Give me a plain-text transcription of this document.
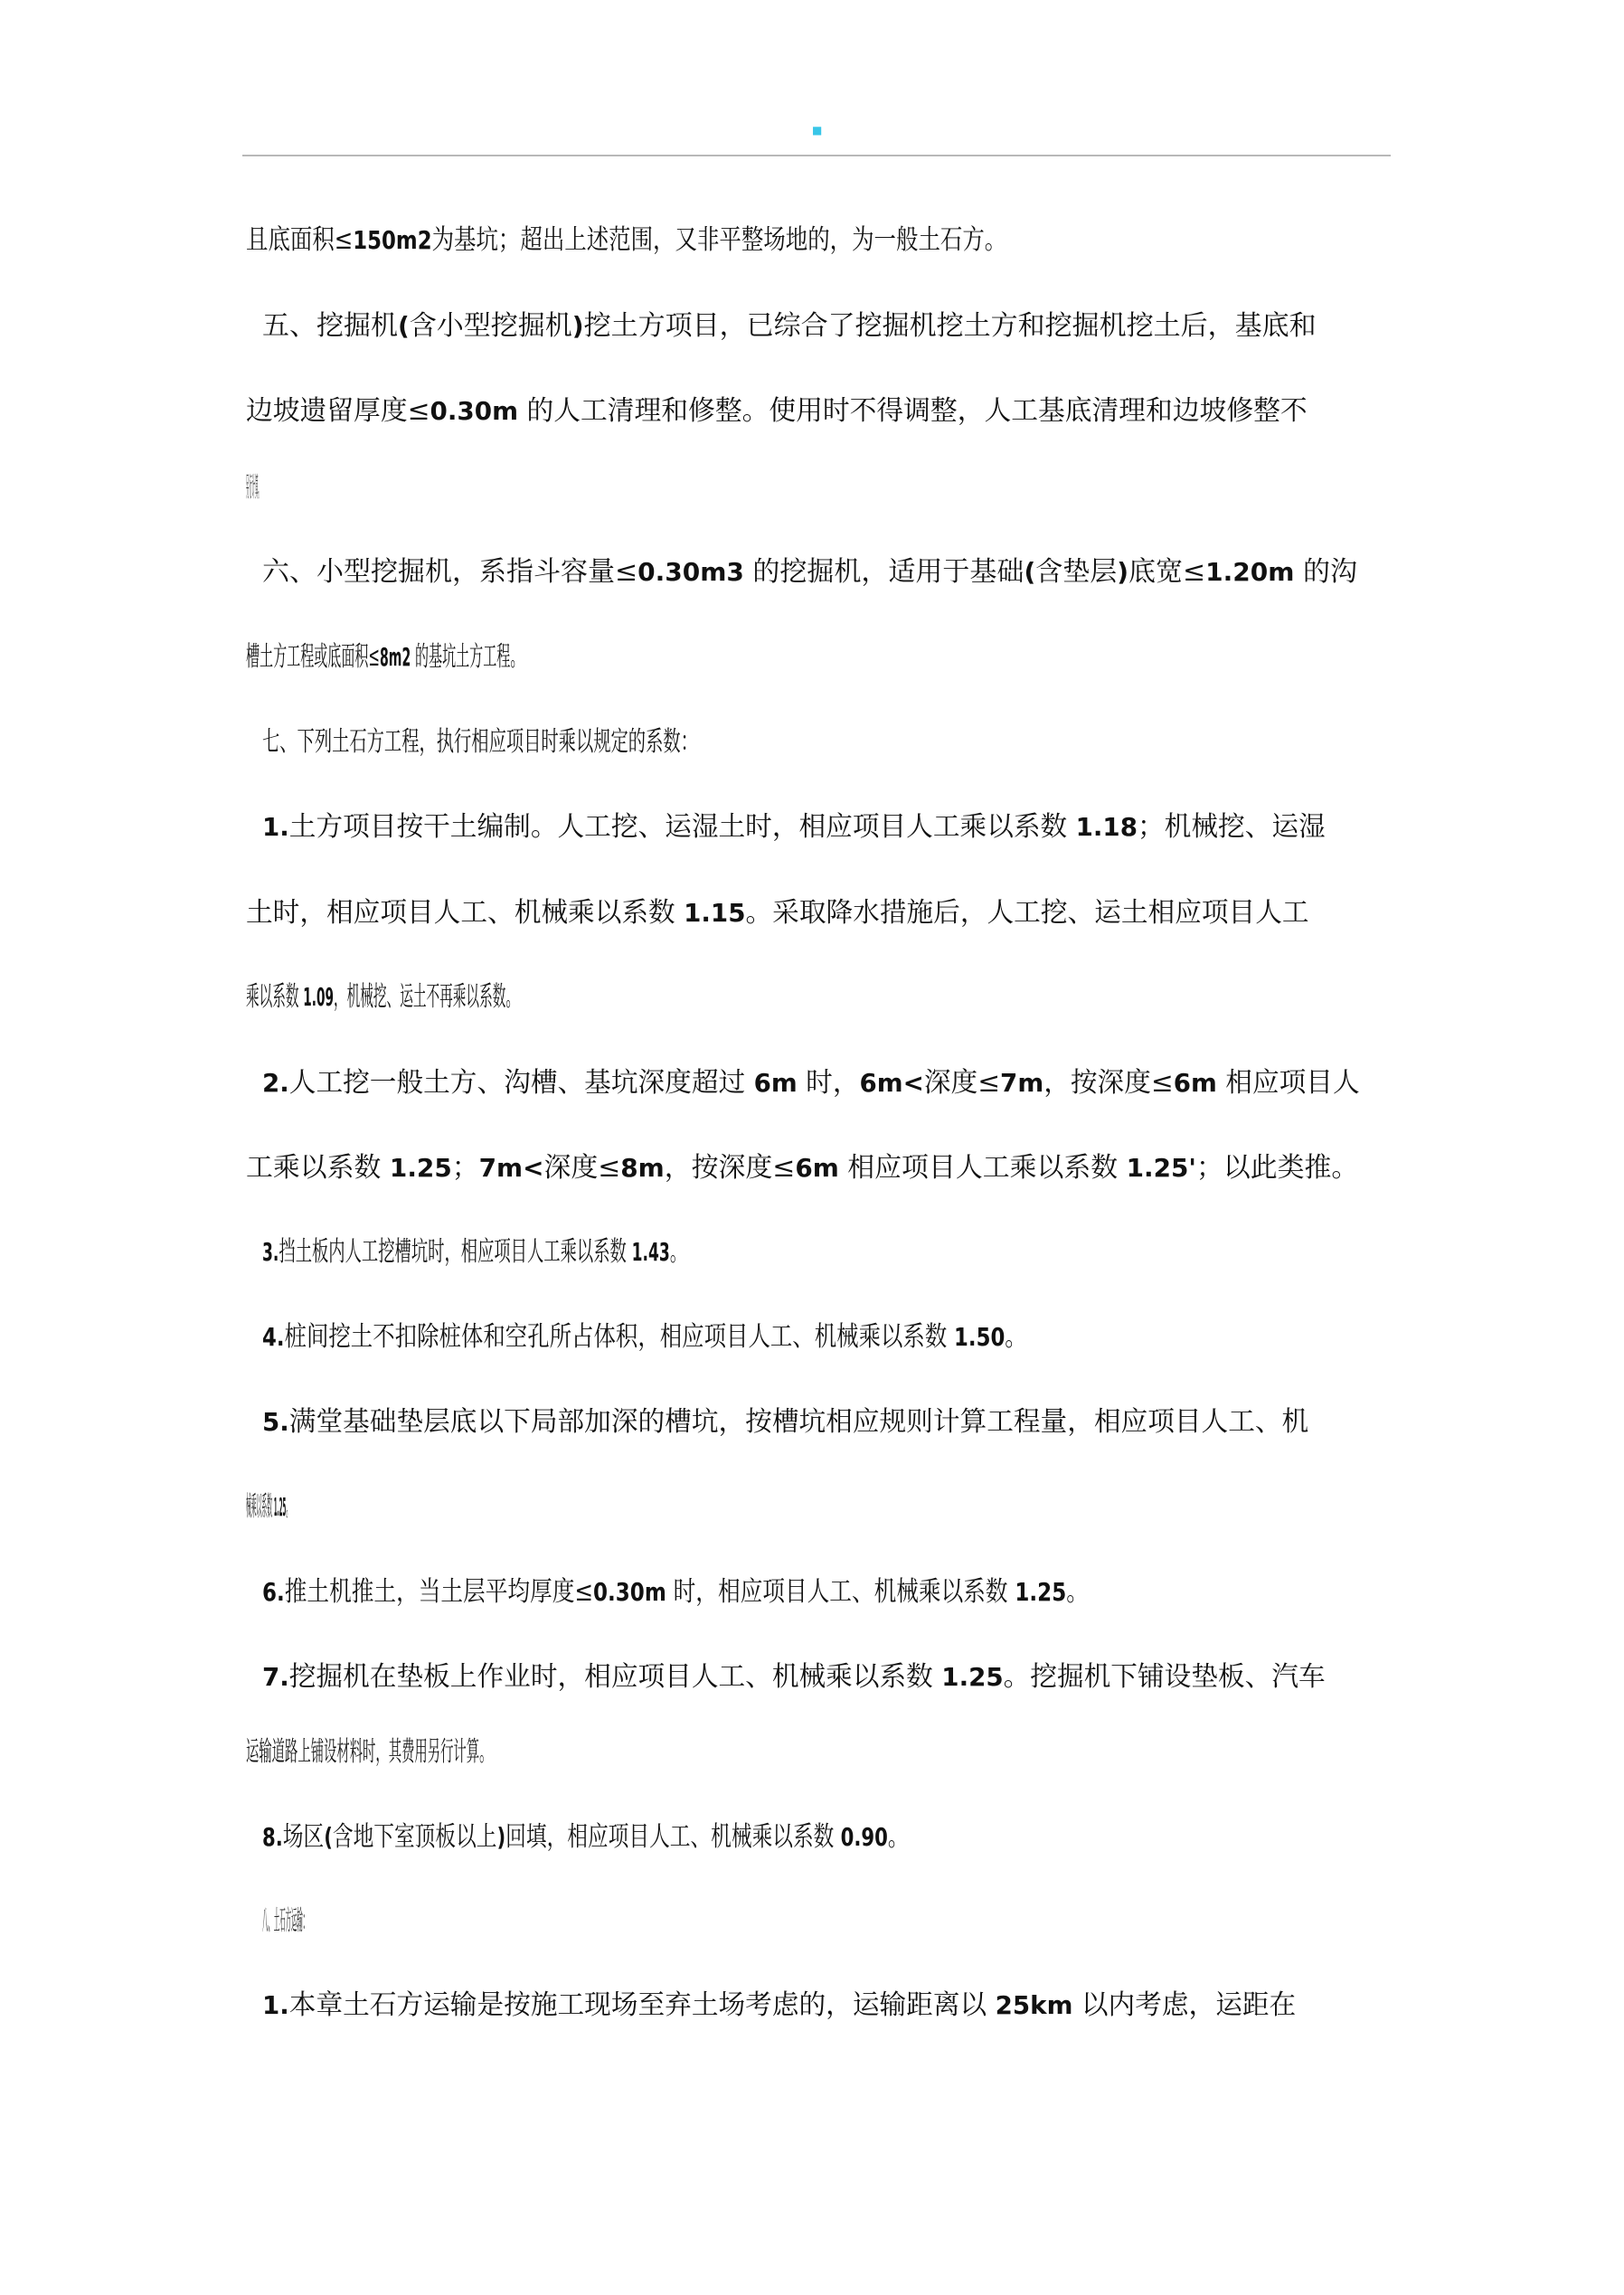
■
且底面积≤150m2为基坑；超出上述范围，又非平整场地的，为一般土石方。
五、挖掘机(含小型挖掘机)挖土方项目，已综合了挖掘机挖土方和挖掘机挖土后，基底和
边坡遗留厚度≤0.30m 的人工清理和修整。使用时不得调整，人工基底清理和边坡修整不
另行计算。
六、小型挖掘机，系指斗容量≤0.30m3 的挖掘机，适用于基础(含垫层)底宽≤1.20m 的沟
槽土方工程或底面积≤8m2 的基坑土方工程。
七、下列土石方工程，执行相应项目时乘以规定的系数：
1.土方项目按干土编制。人工挖、运湿土时，相应项目人工乘以系数 1.18；机械挖、运湿
土时，相应项目人工、机械乘以系数 1.15。采取降水措施后，人工挖、运土相应项目人工
乘以系数 1.09，机械挖、运土不再乘以系数。
2.人工挖一般土方、沟槽、基坑深度超过 6m 时，6m<深度≤7m，按深度≤6m 相应项目人
工乘以系数 1.25；7m<深度≤8m，按深度≤6m 相应项目人工乘以系数 1.25'；以此类推。
3.挡土板内人工挖槽坑时，相应项目人工乘以系数 1.43。
4.桩间挖土不扣除桩体和空孔所占体积，相应项目人工、机械乘以系数 1.50。
5.满堂基础垫层底以下局部加深的槽坑，按槽坑相应规则计算工程量，相应项目人工、机
械乘以系数 1.25。
6.推土机推土，当土层平均厚度≤0.30m 时，相应项目人工、机械乘以系数 1.25。
7.挖掘机在垫板上作业时，相应项目人工、机械乘以系数 1.25。挖掘机下铺设垫板、汽车
运输道路上铺设材料时，其费用另行计算。
8.场区(含地下室顶板以上)回填，相应项目人工、机械乘以系数 0.90。
八、土石方运输：
1.本章土石方运输是按施工现场至弃土场考虑的，运输距离以 25km 以内考虑，运距在
